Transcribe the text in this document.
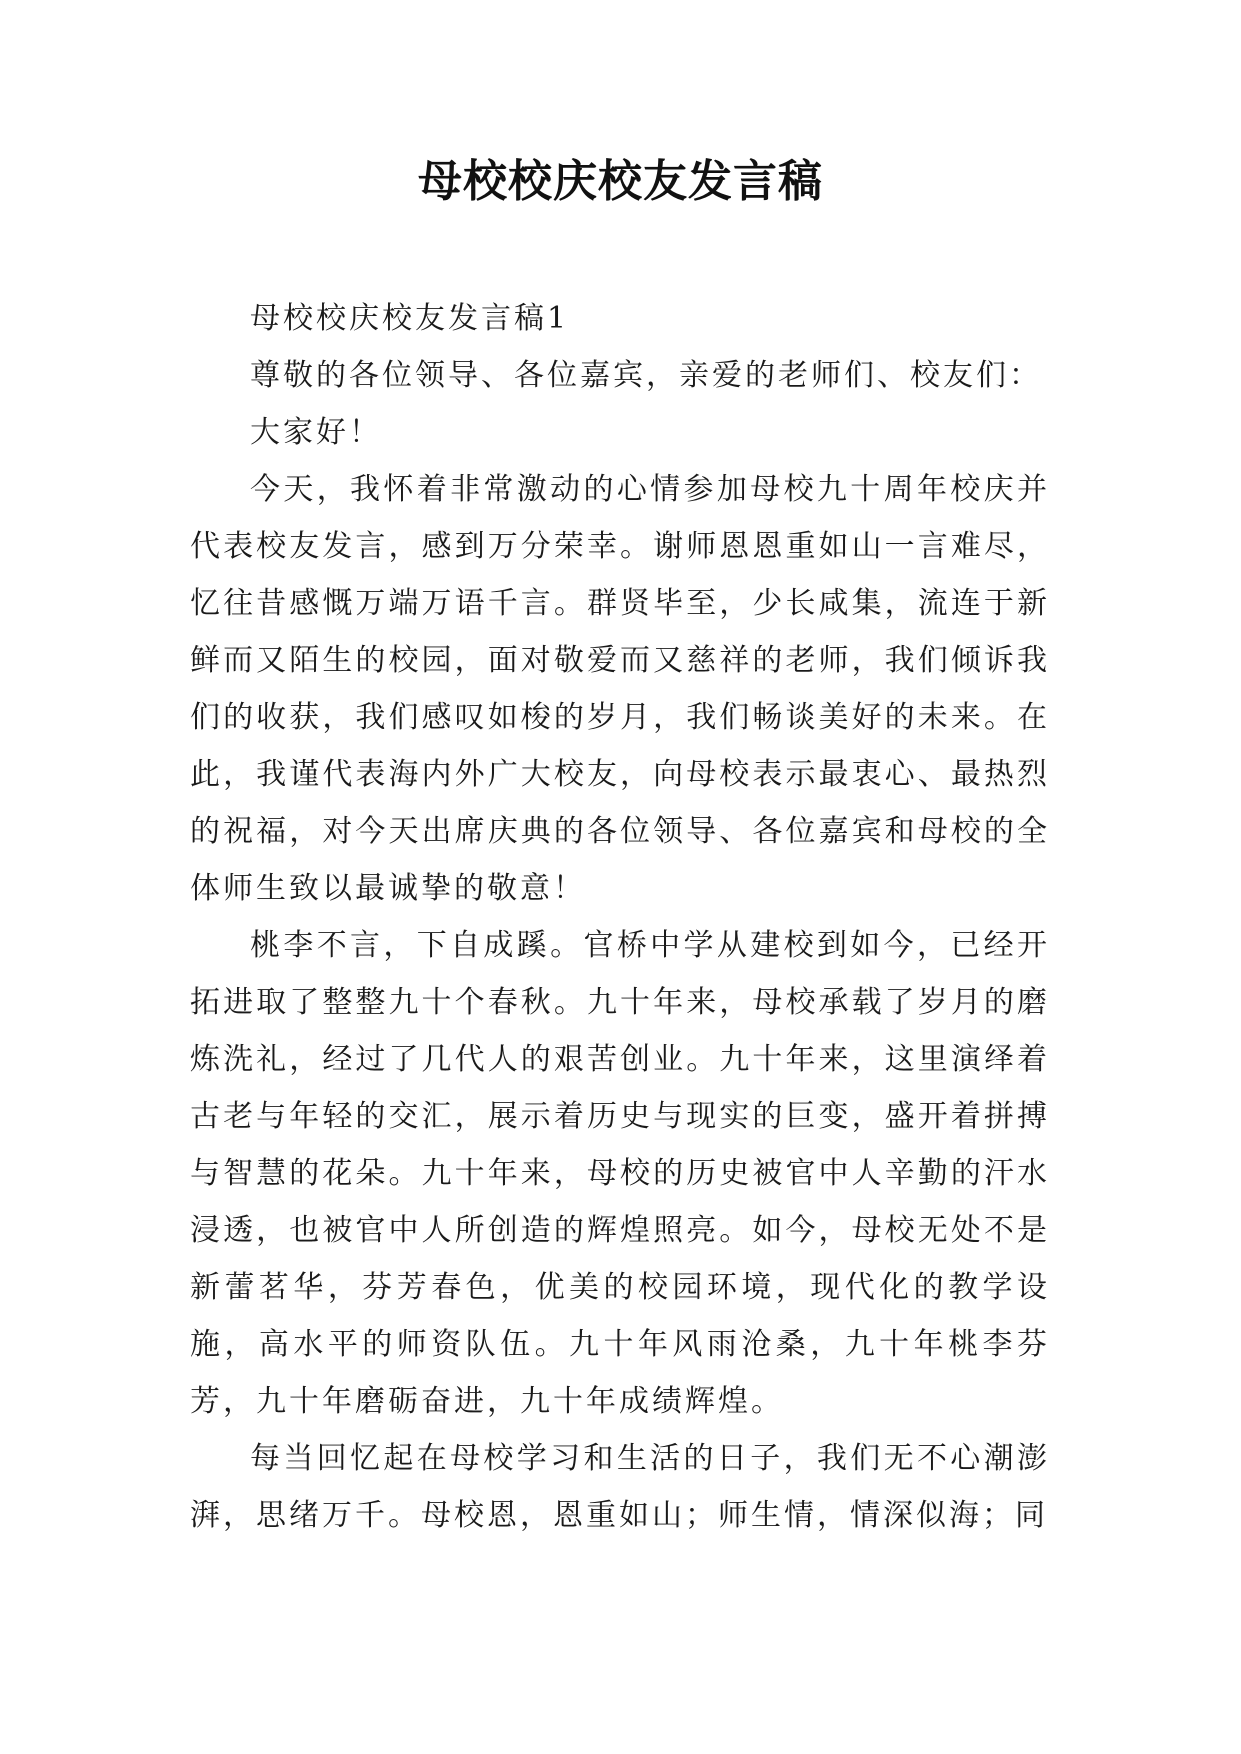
母校校庆校友发言稿

母校校庆校友发言稿1

尊敬的各位领导、各位嘉宾，亲爱的老师们、校友们：

大家好！

今天，我怀着非常激动的心情参加母校九十周年校庆并代表校友发言，感到万分荣幸。谢师恩恩重如山一言难尽，忆往昔感慨万端万语千言。群贤毕至，少长咸集，流连于新鲜而又陌生的校园，面对敬爱而又慈祥的老师，我们倾诉我们的收获，我们感叹如梭的岁月，我们畅谈美好的未来。在此，我谨代表海内外广大校友，向母校表示最衷心、最热烈的祝福，对今天出席庆典的各位领导、各位嘉宾和母校的全体师生致以最诚挚的敬意！

桃李不言，下自成蹊。官桥中学从建校到如今，已经开拓进取了整整九十个春秋。九十年来，母校承载了岁月的磨炼洗礼，经过了几代人的艰苦创业。九十年来，这里演绎着古老与年轻的交汇，展示着历史与现实的巨变，盛开着拼搏与智慧的花朵。九十年来，母校的历史被官中人辛勤的汗水浸透，也被官中人所创造的辉煌照亮。如今，母校无处不是新蕾茗华，芬芳春色，优美的校园环境，现代化的教学设施，高水平的师资队伍。九十年风雨沧桑，九十年桃李芬芳，九十年磨砺奋进，九十年成绩辉煌。

每当回忆起在母校学习和生活的日子，我们无不心潮澎湃，思绪万千。母校恩，恩重如山；师生情，情深似海；同
